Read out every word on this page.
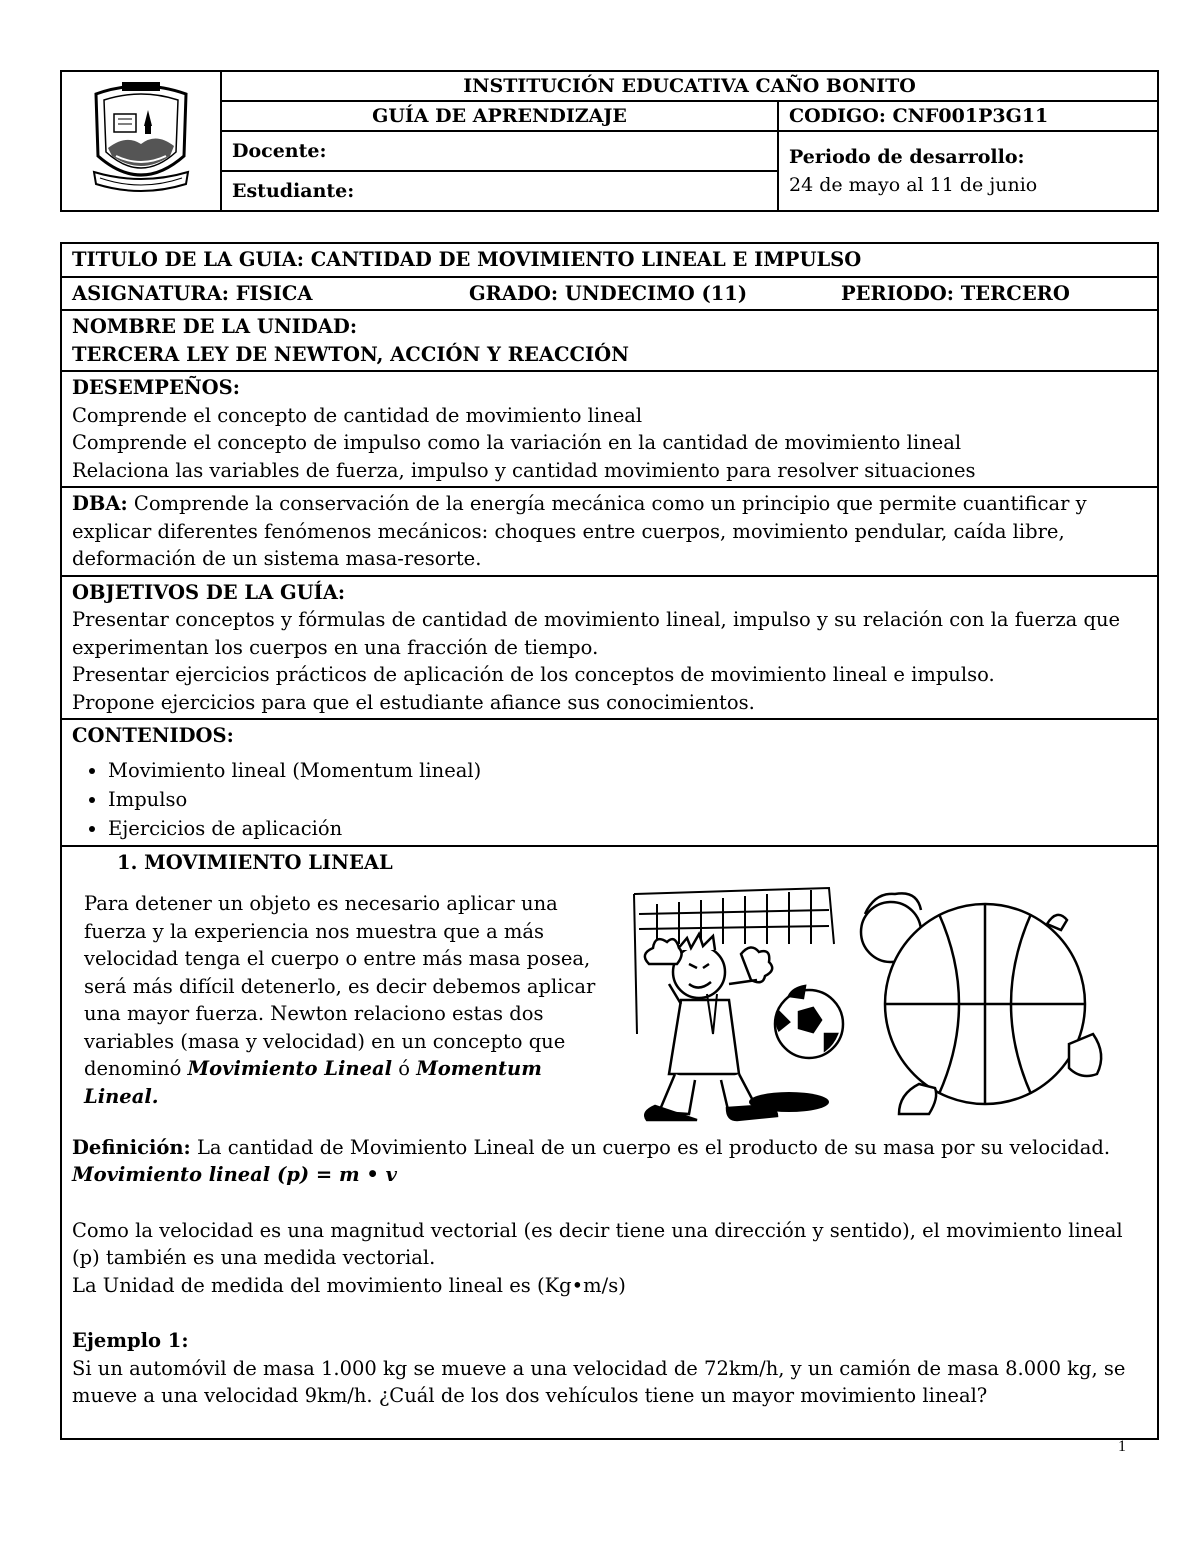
	INSTITUCIÓN EDUCATIVA CAÑO BONITO	
	GUÍA DE APRENDIZAJE	CODIGO: CNF001P3G11
	Docente:	Periodo de desarrollo:
24 de mayo al 11 de junio

	Estudiante:	
TITULO DE LA GUIA: CANTIDAD DE MOVIMIENTO LINEAL E IMPULSO

ASIGNATURA: FISICA	GRADO: UNDECIMO (11)	PERIODO: TERCERO

NOMBRE DE LA UNIDAD:
TERCERA LEY DE NEWTON, ACCIÓN Y REACCIÓN

DESEMPEÑOS:
Comprende el concepto de cantidad de movimiento lineal
Comprende el concepto de impulso como la variación en la cantidad de movimiento lineal
Relaciona las variables de fuerza, impulso y cantidad movimiento para resolver situaciones

DBA: Comprende la conservación de la energía mecánica como un principio que permite cuantificar y explicar diferentes fenómenos mecánicos: choques entre cuerpos, movimiento pendular, caída libre, deformación de un sistema masa-resorte.

OBJETIVOS DE LA GUÍA:
Presentar conceptos y fórmulas de cantidad de movimiento lineal, impulso y su relación con la fuerza que experimentan los cuerpos en una fracción de tiempo.
Presentar ejercicios prácticos de aplicación de los conceptos de movimiento lineal e impulso.
Propone ejercicios para que el estudiante afiance sus conocimientos.

CONTENIDOS:
• Movimiento lineal (Momentum lineal)
• Impulso
• Ejercicios de aplicación

1. MOVIMIENTO LINEAL
Para detener un objeto es necesario aplicar una fuerza y la experiencia nos muestra que a más velocidad tenga el cuerpo o entre más masa posea, será más difícil detenerlo, es decir debemos aplicar una mayor fuerza. Newton relaciono estas dos variables (masa y velocidad) en un concepto que denominó Movimiento Lineal ó Momentum Lineal.
Definición: La cantidad de Movimiento Lineal de un cuerpo es el producto de su masa por su velocidad.
Movimiento lineal (p) = m • v
Como la velocidad es una magnitud vectorial (es decir tiene una dirección y sentido), el movimiento lineal (p) también es una medida vectorial.
La Unidad de medida del movimiento lineal es (Kg•m/s)
Ejemplo 1:
Si un automóvil de masa 1.000 kg se mueve a una velocidad de 72km/h, y un camión de masa 8.000 kg, se mueve a una velocidad 9km/h. ¿Cuál de los dos vehículos tiene un mayor movimiento lineal?
1
